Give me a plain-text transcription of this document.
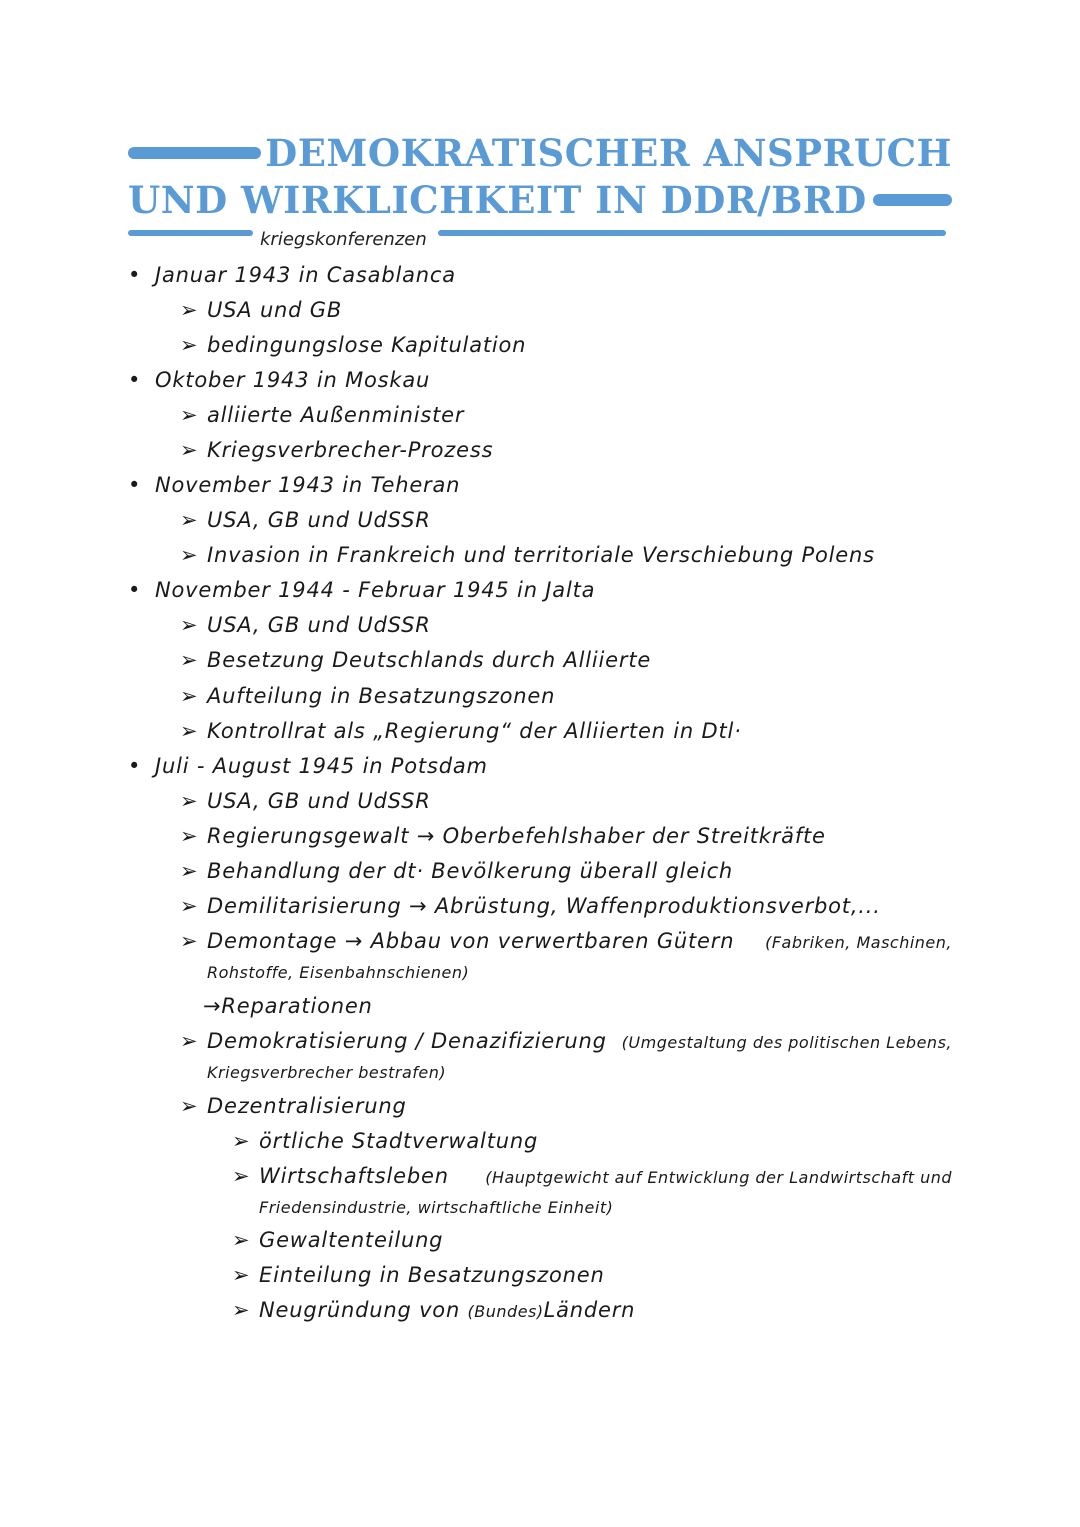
DEMOKRATISCHER ANSPRUCH
UND WIRKLICHKEIT IN DDR/BRD
kriegskonferenzen
• Januar 1943 in Casablanca
➢ USA und GB
➢ bedingungslose Kapitulation
• Oktober 1943 in Moskau
➢ alliierte Außenminister
➢ Kriegsverbrecher-Prozess
• November 1943 in Teheran
➢ USA, GB und UdSSR
➢ Invasion in Frankreich und territoriale Verschiebung Polens
• November 1944 - Februar 1945 in Jalta
➢ USA, GB und UdSSR
➢ Besetzung Deutschlands durch Alliierte
➢ Aufteilung in Besatzungszonen
➢ Kontrollrat als „Regierung“ der Alliierten in Dtl·
• Juli - August 1945 in Potsdam
➢ USA, GB und UdSSR
➢ Regierungsgewalt → Oberbefehlshaber der Streitkräfte
➢ Behandlung der dt· Bevölkerung überall gleich
➢ Demilitarisierung → Abrüstung, Waffenproduktionsverbot,...
➢ Demontage → Abbau von verwertbaren Gütern (Fabriken, Maschinen,
Rohstoffe, Eisenbahnschienen)
→Reparationen
➢ Demokratisierung / Denazifizierung (Umgestaltung des politischen Lebens,
Kriegsverbrecher bestrafen)
➢ Dezentralisierung
➢ örtliche Stadtverwaltung
➢ Wirtschaftsleben (Hauptgewicht auf Entwicklung der Landwirtschaft und
Friedensindustrie, wirtschaftliche Einheit)
➢ Gewaltenteilung
➢ Einteilung in Besatzungszonen
➢ Neugründung von (Bundes)Ländern
